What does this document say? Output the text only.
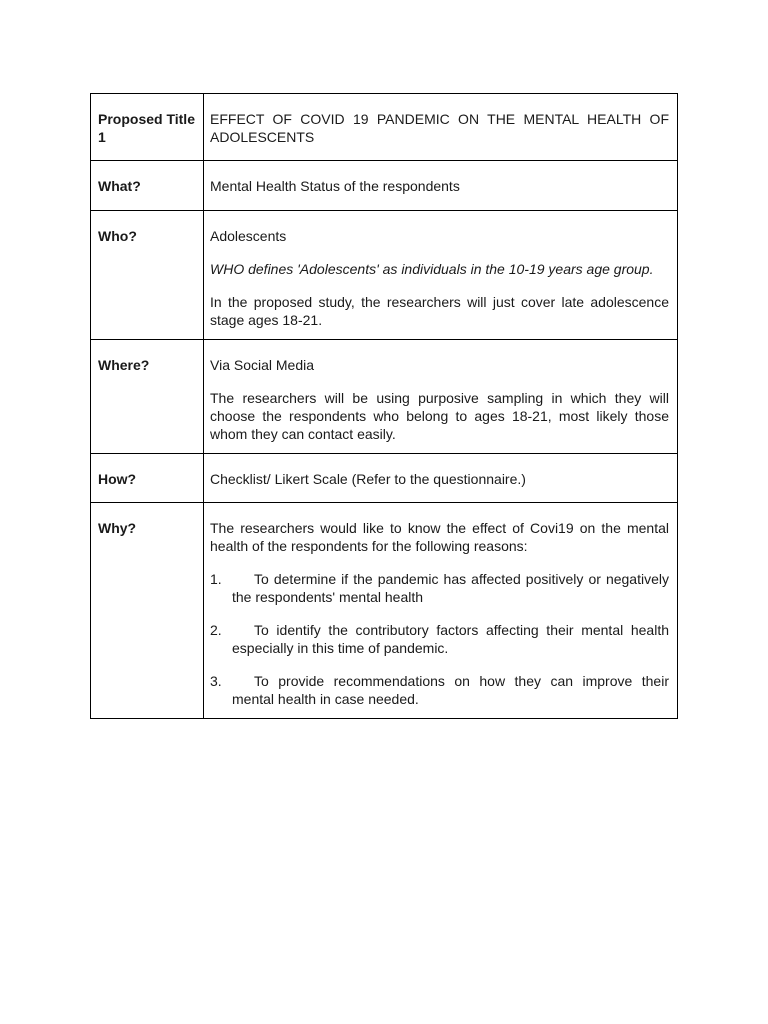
Proposed Title 1	EFFECT OF COVID 19 PANDEMIC ON THE MENTAL HEALTH OF ADOLESCENTS

What?	Mental Health Status of the respondents

Who?	Adolescents

WHO defines 'Adolescents' as individuals in the 10-19 years age group.

In the proposed study, the researchers will just cover late adolescence stage ages 18-21.

Where?	Via Social Media

The researchers will be using purposive sampling in which they will choose the respondents who belong to ages 18-21, most likely those whom they can contact easily.

How?	Checklist/ Likert Scale (Refer to the questionnaire.)

Why?	The researchers would like to know the effect of Covi19 on the mental health of the respondents for the following reasons:

1. To determine if the pandemic has affected positively or negatively the respondents' mental health

2. To identify the contributory factors affecting their mental health especially in this time of pandemic.

3. To provide recommendations on how they can improve their mental health in case needed.
